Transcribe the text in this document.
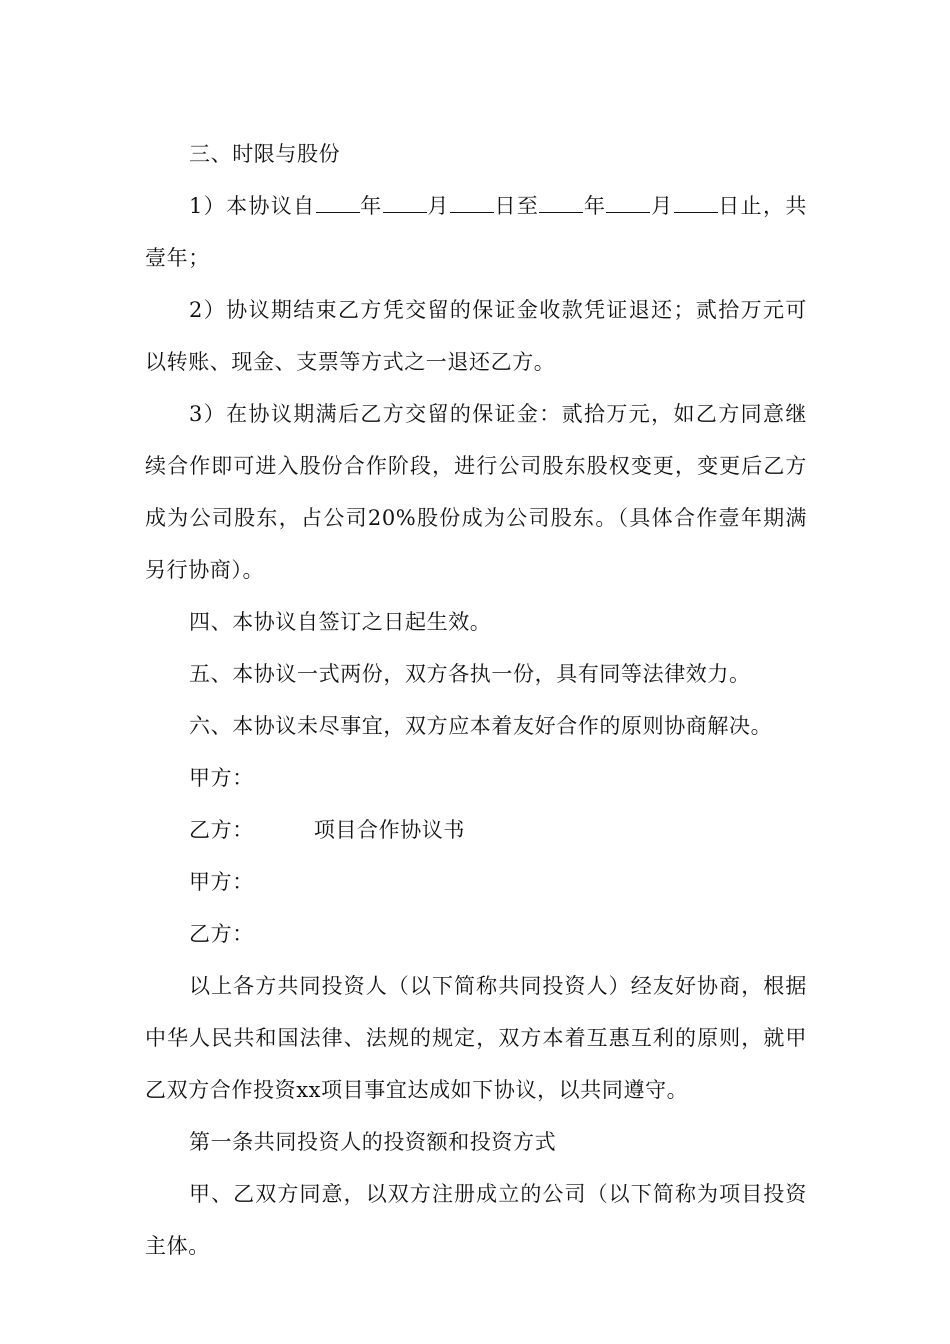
三、时限与股份

1）本协议自 年 月 日至 年 月 日止，共壹年；

2）协议期结束乙方凭交留的保证金收款凭证退还；贰拾万元可以转账、现金、支票等方式之一退还乙方。

3）在协议期满后乙方交留的保证金：贰拾万元，如乙方同意继续合作即可进入股份合作阶段，进行公司股东股权变更，变更后乙方成为公司股东，占公司20%股份成为公司股东。（具体合作壹年期满另行协商）。

四、本协议自签订之日起生效。

五、本协议一式两份，双方各执一份，具有同等法律效力。

六、本协议未尽事宜，双方应本着友好合作的原则协商解决。

甲方：

乙方：	项目合作协议书

甲方：

乙方：

以上各方共同投资人（以下简称共同投资人）经友好协商，根据中华人民共和国法律、法规的规定，双方本着互惠互利的原则，就甲乙双方合作投资xx项目事宜达成如下协议，以共同遵守。

第一条共同投资人的投资额和投资方式

甲、乙双方同意，以双方注册成立的公司（以下简称为项目投资主体。
